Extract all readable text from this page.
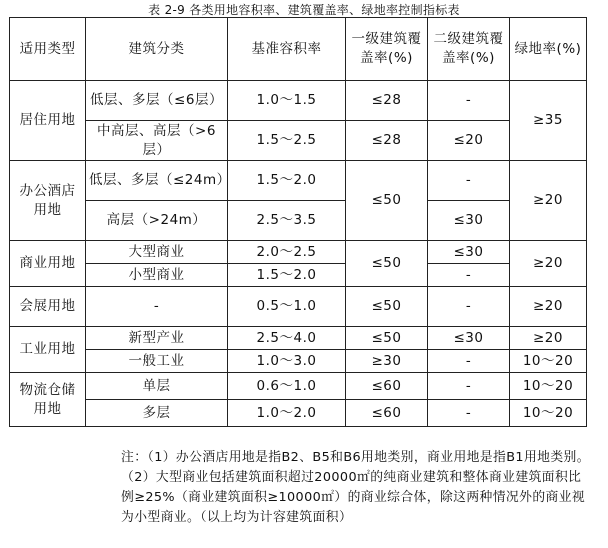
表 2-9 各类用地容积率、建筑覆盖率、绿地率控制指标表
适用类型	建筑分类	基准容积率	一级建筑覆盖率(%)	二级建筑覆盖率(%)	绿地率(%)
居住用地	低层、多层（≤6层）	1.0～1.5	≤28	-	≥35
	中高层、高层（>6层）	1.5～2.5	≤28	≤20	
办公酒店用地	低层、多层（≤24m）	1.5～2.0	≤50	-	≥20
	高层（>24m）	2.5～3.5		≤30	
商业用地	大型商业	2.0～2.5	≤50	≤30	≥20
	小型商业	1.5～2.0		-	
会展用地	-	0.5～1.0	≤50	-	≥20
工业用地	新型产业	2.5～4.0	≤50	≤30	≥20
	一般工业	1.0～3.0	≥30	-	10～20
物流仓储用地	单层	0.6～1.0	≤60	-	10～20
	多层	1.0～2.0	≤60	-	10～20

注：（1）办公酒店用地是指B2、B5和B6用地类别，商业用地是指B1用地类别。

（2）大型商业包括建筑面积超过20000㎡的纯商业建筑和整体商业建筑面积比例≥25%（商业建筑面积≥10000㎡）的商业综合体，除这两种情况外的商业视为小型商业。（以上均为计容建筑面积）
